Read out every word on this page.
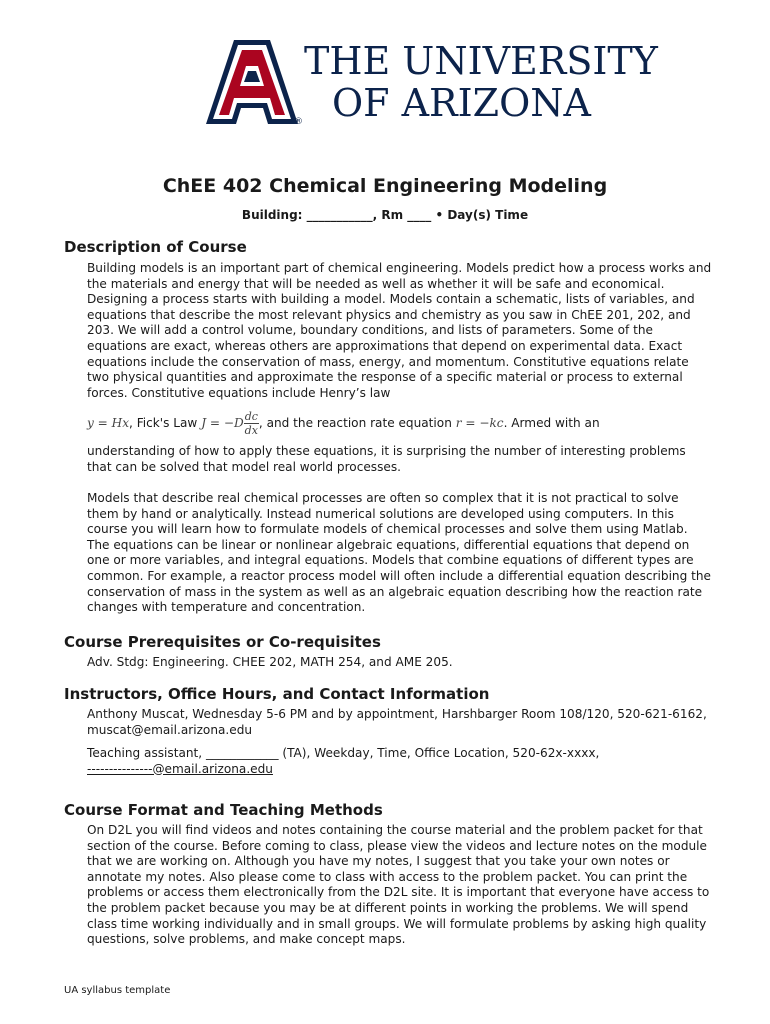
®
THE UNIVERSITY
OF ARIZONA
ChEE 402 Chemical Engineering Modeling
Building: ___________, Rm ____ • Day(s) Time
Description of Course

Building models is an important part of chemical engineering. Models predict how a process works and the materials and energy that will be needed as well as whether it will be safe and economical. Designing a process starts with building a model. Models contain a schematic, lists of variables, and equations that describe the most relevant physics and chemistry as you saw in ChEE 201, 202, and 203. We will add a control volume, boundary conditions, and lists of parameters. Some of the equations are exact, whereas others are approximations that depend on experimental data. Exact equations include the conservation of mass, energy, and momentum. Constitutive equations relate two physical quantities and approximate the response of a specific material or process to external forces. Constitutive equations include Henry’s law

y = Hx, Fick's Law $J = -D \frac{dc}{dx}$ , and the reaction rate equation r = −kc. Armed with an

understanding of how to apply these equations, it is surprising the number of interesting problems that can be solved that model real world processes.

Models that describe real chemical processes are often so complex that it is not practical to solve them by hand or analytically. Instead numerical solutions are developed using computers. In this course you will learn how to formulate models of chemical processes and solve them using Matlab. The equations can be linear or nonlinear algebraic equations, differential equations that depend on one or more variables, and integral equations. Models that combine equations of different types are common. For example, a reactor process model will often include a differential equation describing the conservation of mass in the system as well as an algebraic equation describing how the reaction rate changes with temperature and concentration.

Course Prerequisites or Co-requisites

Adv. Stdg: Engineering. CHEE 202, MATH 254, and AME 205.

Instructors, Office Hours, and Contact Information

Anthony Muscat, Wednesday 5-6 PM and by appointment, Harshbarger Room 108/120, 520-621-6162, muscat@email.arizona.edu

Teaching assistant, ____________ (TA), Weekday, Time, Office Location, 520-62x-xxxx,
---------------@email.arizona.edu
Course Format and Teaching Methods

On D2L you will find videos and notes containing the course material and the problem packet for that section of the course. Before coming to class, please view the videos and lecture notes on the module that we are working on. Although you have my notes, I suggest that you take your own notes or annotate my notes. Also please come to class with access to the problem packet. You can print the problems or access them electronically from the D2L site. It is important that everyone have access to the problem packet because you may be at different points in working the problems. We will spend class time working individually and in small groups. We will formulate problems by asking high quality questions, solve problems, and make concept maps.

UA syllabus template
